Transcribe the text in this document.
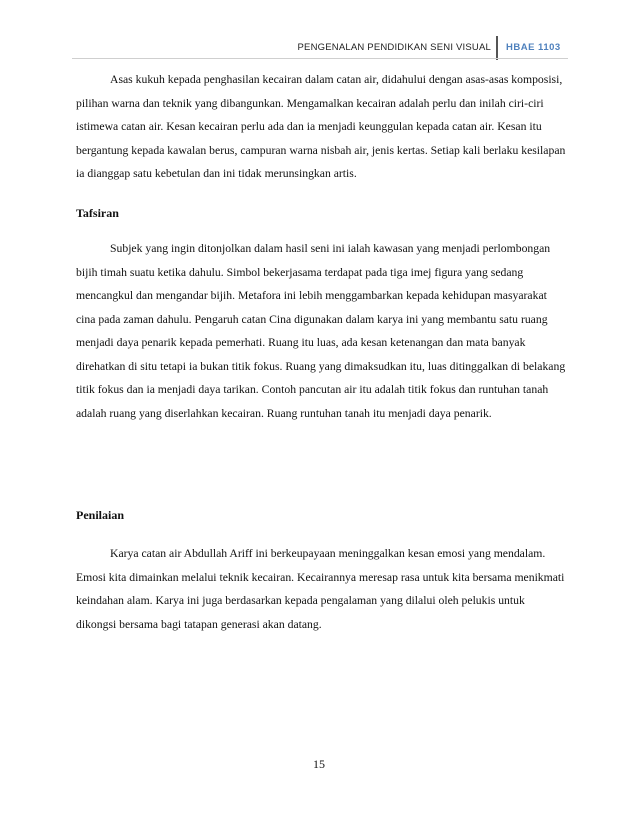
PENGENALAN PENDIDIKAN SENI VISUAL HBAE 1103

Asas kukuh kepada penghasilan kecairan dalam catan air, didahului dengan asas-asas komposisi, pilihan warna dan teknik yang dibangunkan. Mengamalkan kecairan adalah perlu dan inilah ciri-ciri istimewa catan air. Kesan kecairan perlu ada dan ia menjadi keunggulan kepada catan air. Kesan itu bergantung kepada kawalan berus, campuran warna nisbah air, jenis kertas. Setiap kali berlaku kesilapan ia dianggap satu kebetulan dan ini tidak merunsingkan artis.

Tafsiran

Subjek yang ingin ditonjolkan dalam hasil seni ini ialah kawasan yang menjadi perlombongan bijih timah suatu ketika dahulu. Simbol bekerjasama terdapat pada tiga imej figura yang sedang mencangkul dan mengandar bijih. Metafora ini lebih menggambarkan kepada kehidupan masyarakat cina pada zaman dahulu. Pengaruh catan Cina digunakan dalam karya ini yang membantu satu ruang menjadi daya penarik kepada pemerhati. Ruang itu luas, ada kesan ketenangan dan mata banyak direhatkan di situ tetapi ia bukan titik fokus. Ruang yang dimaksudkan itu, luas ditinggalkan di belakang titik fokus dan ia menjadi daya tarikan. Contoh pancutan air itu adalah titik fokus dan runtuhan tanah adalah ruang yang diserlahkan kecairan. Ruang runtuhan tanah itu menjadi daya penarik.

Penilaian

Karya catan air Abdullah Ariff ini berkeupayaan meninggalkan kesan emosi yang mendalam. Emosi kita dimainkan melalui teknik kecairan. Kecairannya meresap rasa untuk kita bersama menikmati keindahan alam. Karya ini juga berdasarkan kepada pengalaman yang dilalui oleh pelukis untuk dikongsi bersama bagi tatapan generasi akan datang.

15
